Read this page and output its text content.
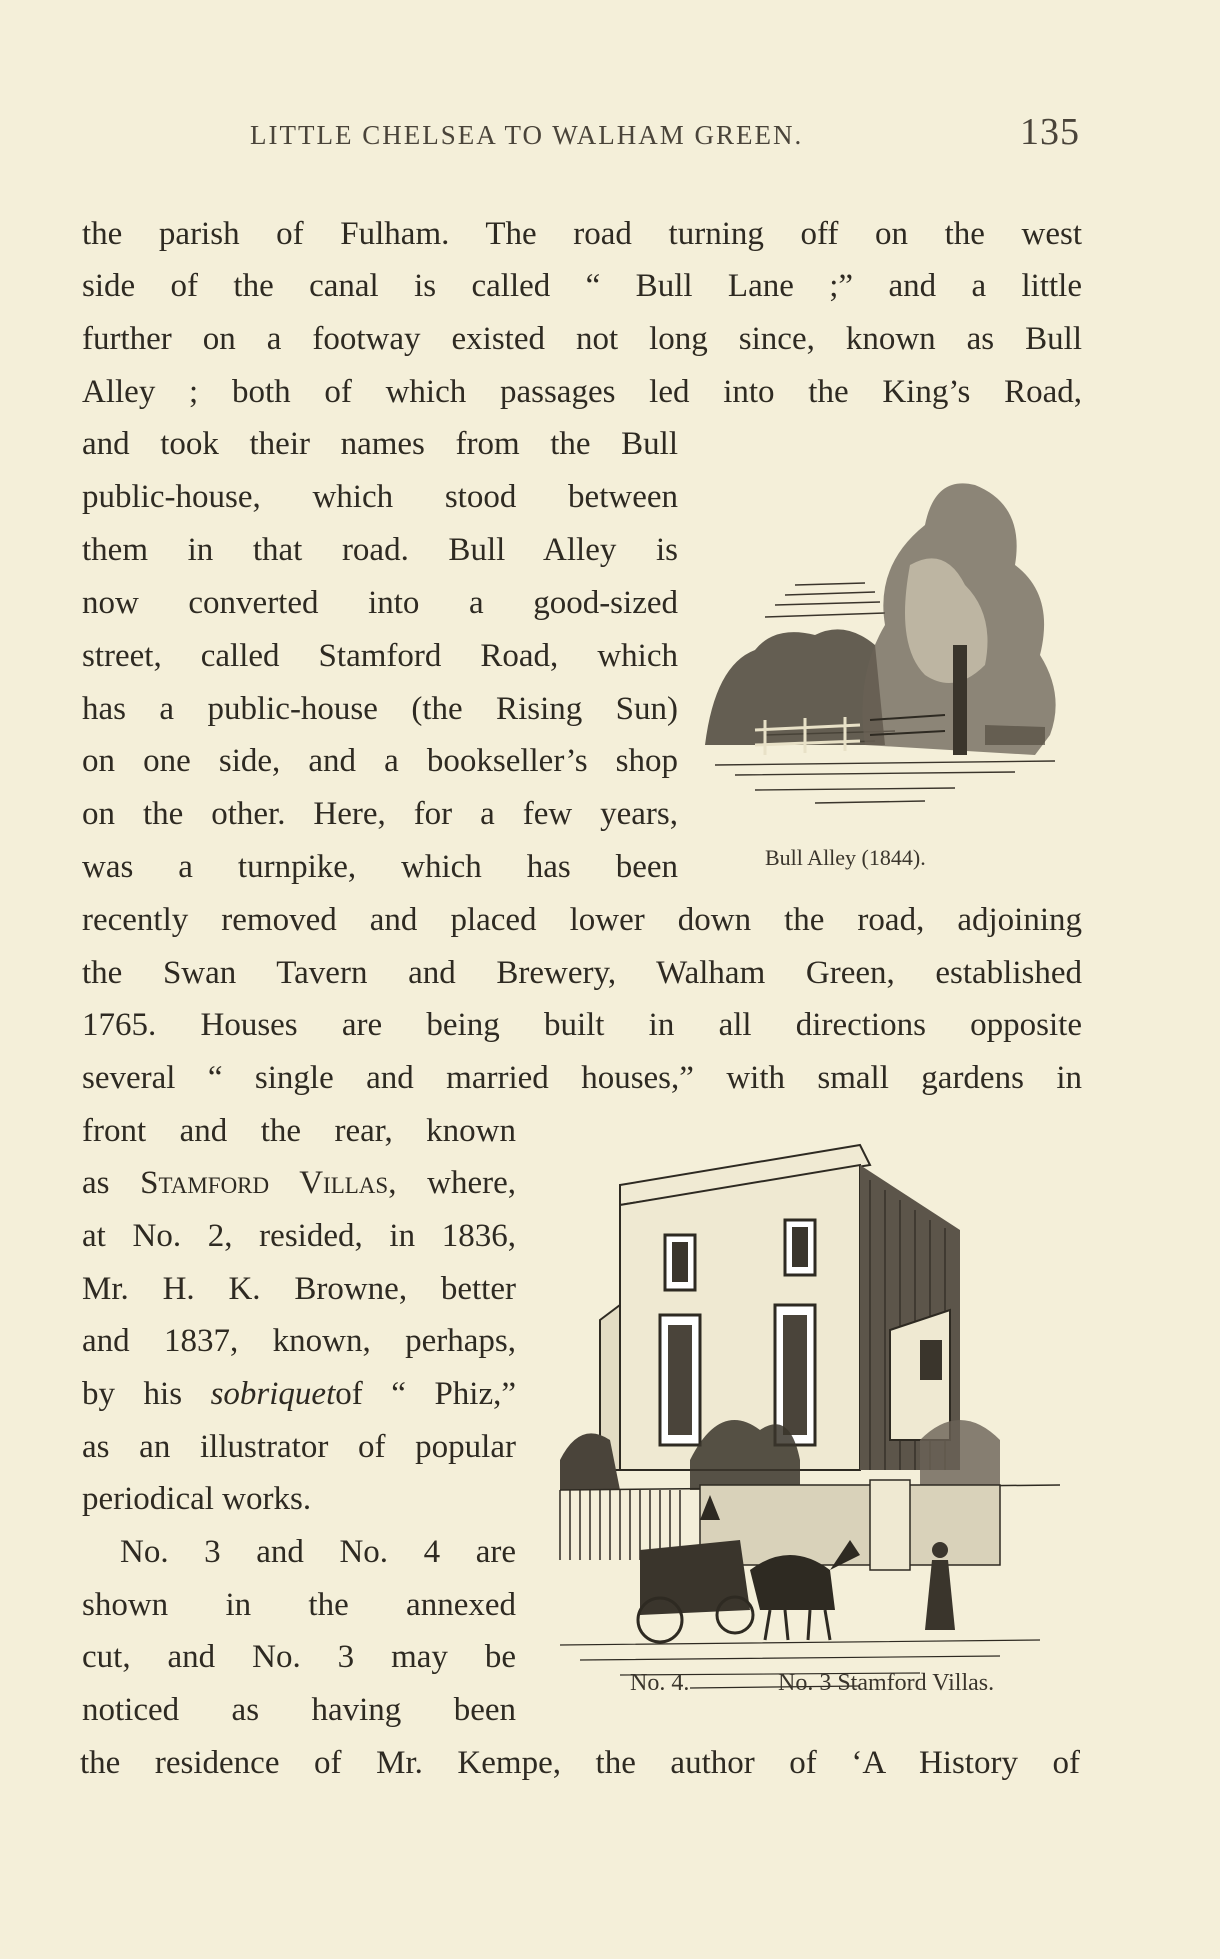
LITTLE CHELSEA TO WALHAM GREEN.	135
the parish of Fulham. The road turning off on the west
side of the canal is called “ Bull Lane ;” and a little
further on a footway existed not long since, known as Bull
Alley ; both of which passages led into the King’s Road,
and took their names from the Bull
public-house, which stood between
them in that road. Bull Alley is
now converted into a good-sized
street, called Stamford Road, which
has a public-house (the Rising Sun)
on one side, and a bookseller’s shop
on the other. Here, for a few years,
was a turnpike, which has been	Bull Alley (1844).
recently removed and placed lower down the road, adjoining
the Swan Tavern and Brewery, Walham Green, established
1765. Houses are being built in all directions opposite
several “ single and married houses,” with small gardens in
front and the rear, known
as Stamford Villas, where,
at No. 2, resided, in 1836,
Mr. H. K. Browne, better
and 1837, known, perhaps,
by his sobriquetof “ Phiz,”
as an illustrator of popular
periodical works.
No. 3 and No. 4 are
shown in the annexed
cut, and No. 3 may be
noticed as having been
No. 4.	No. 3 Stamford Villas.
the residence of Mr. Kempe, the author of ‘A History of
